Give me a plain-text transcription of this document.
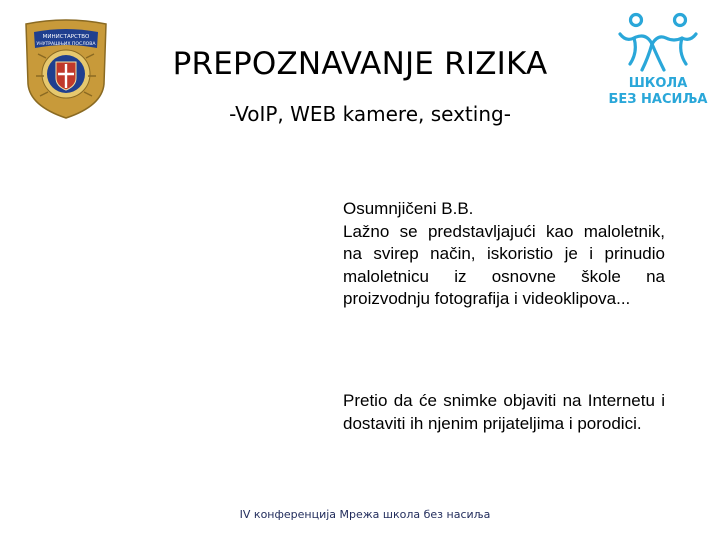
МИНИСТАРСТВО
УНУТРАШЊИХ ПОСЛОВА
PREPOZNAVANJE RIZIKA
-VoIP, WEB kamere, sexting-
ШКОЛА
БЕЗ НАСИЉА
Osumnjičeni B.B.
Lažno se predstavljajući kao maloletnik, na svirep način, iskoristio je i prinudio maloletnicu iz osnovne škole na proizvodnju fotografija i videoklipova...
Pretio da će snimke objaviti na Internetu i dostaviti ih njenim prijateljima i porodici.
IV конференција Мрежа школа без насиља
